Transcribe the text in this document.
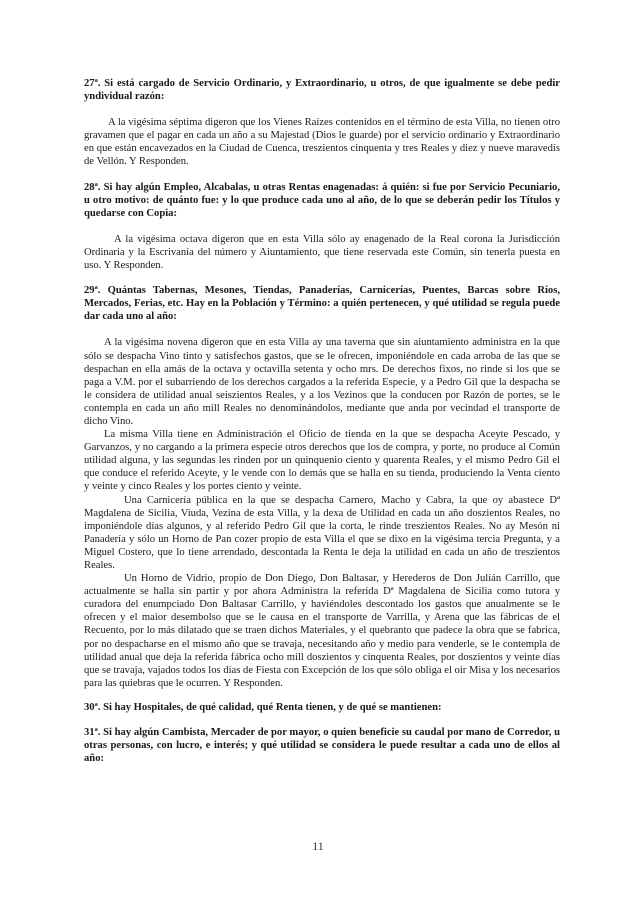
27ª. Si está cargado de Servicio Ordinario, y Extraordinario, u otros, de que igualmente se debe pedir yndividual razón:

A la vigésima séptima digeron que los Vienes Raízes contenidos en el término de esta Villa, no tienen otro gravamen que el pagar en cada un año a su Majestad (Dios le guarde) por el servicio ordinario y Extraordinario en que están encavezados en la Ciudad de Cuenca, treszientos cinquenta y tres Reales y diez y nueve maravedís de Vellón. Y Responden.

28ª. Si hay algún Empleo, Alcabalas, u otras Rentas enagenadas: á quién: si fue por Servicio Pecuniario, u otro motivo: de quánto fue: y lo que produce cada uno al año, de lo que se deberán pedir los Títulos y quedarse con Copia:

A la vigésima octava digeron que en esta Villa sólo ay enagenado de la Real corona la Jurisdicción Ordinaria y la Escrivanía del número y Aiuntamiento, que tiene reservada este Común, sin tenerla puesta en uso. Y Responden.

29ª. Quántas Tabernas, Mesones, Tiendas, Panaderías, Carnicerías, Puentes, Barcas sobre Ríos, Mercados, Ferias, etc. Hay en la Población y Término: a quién pertenecen, y qué utilidad se regula puede dar cada uno al año:

A la vigésima novena digeron que en esta Villa ay una taverna que sin aiuntamiento administra en la que sólo se despacha Vino tinto y satisfechos gastos, que se le ofrecen, imponiéndole en cada arroba de las que se despachan en ella amás de la octava y octavilla setenta y ocho mrs. De derechos fixos, no rinde si los que se paga a V.M. por el subarriendo de los derechos cargados a la referida Especie, y a Pedro Gil que la despacha se le considera de utilidad anual seiszientos Reales, y a los Vezinos que la conducen por Razón de portes, se le contempla en cada un año mill Reales no denominándolos, mediante que anda por vecindad el transporte de dicho Vino.

La misma Villa tiene en Administración el Oficio de tienda en la que se despacha Aceyte Pescado, y Garvanzos, y no cargando a la primera especie otros derechos que los de compra, y porte, no produce al Común utilidad alguna, y las segundas les rinden por un quinquenio ciento y quarenta Reales, y el mismo Pedro Gil el que conduce el referido Aceyte, y le vende con lo demás que se halla en su tienda, produciendo la Venta ciento y veinte y cinco Reales y los portes ciento y veinte.

Una Carnicería pública en la que se despacha Carnero, Macho y Cabra, la que oy abastece Dª Magdalena de Sicilia, Viuda, Vezina de esta Villa, y la dexa de Utilidad en cada un año doszientos Reales, no imponiéndole días algunos, y al referido Pedro Gil que la corta, le rinde treszientos Reales. No ay Mesón ni Panadería y sólo un Horno de Pan cozer propio de esta Villa el que se dixo en la vigésima tercia Pregunta, y a Miguel Costero, que lo tiene arrendado, descontada la Renta le deja la utilidad en cada un año de treszientos Reales.

Un Horno de Vidrio, propio de Don Diego, Don Baltasar, y Herederos de Don Julián Carrillo, que actualmente se halla sin partir y por ahora Administra la referida Dª Magdalena de Sicilia como tutora y curadora del enumpciado Don Baltasar Carrillo, y haviéndoles descontado los gastos que anualmente se le ofrecen y el maior desembolso que se le causa en el transporte de Varrilla, y Arena que las fábricas de el Recuento, por lo más dilatado que se traen dichos Materiales, y el quebranto que padece la obra que se fabrica, por no despacharse en el mismo año que se travaja, necesitando año y medio para venderle, se le contempla de utilidad anual que deja la referida fábrica ocho mill doszientos y cinquenta Reales, por doszientos y veinte días que se travaja, vajados todos los días de Fiesta con Excepción de los que sólo obliga el oir Misa y los necesarios para las quiebras que le ocurren. Y Responden.

30ª. Si hay Hospitales, de qué calidad, qué Renta tienen, y de qué se mantienen:

31ª. Si hay algún Cambista, Mercader de por mayor, o quien beneficie su caudal por mano de Corredor, u otras personas, con lucro, e interés; y qué utilidad se considera le puede resultar a cada uno de ellos al año:

11
